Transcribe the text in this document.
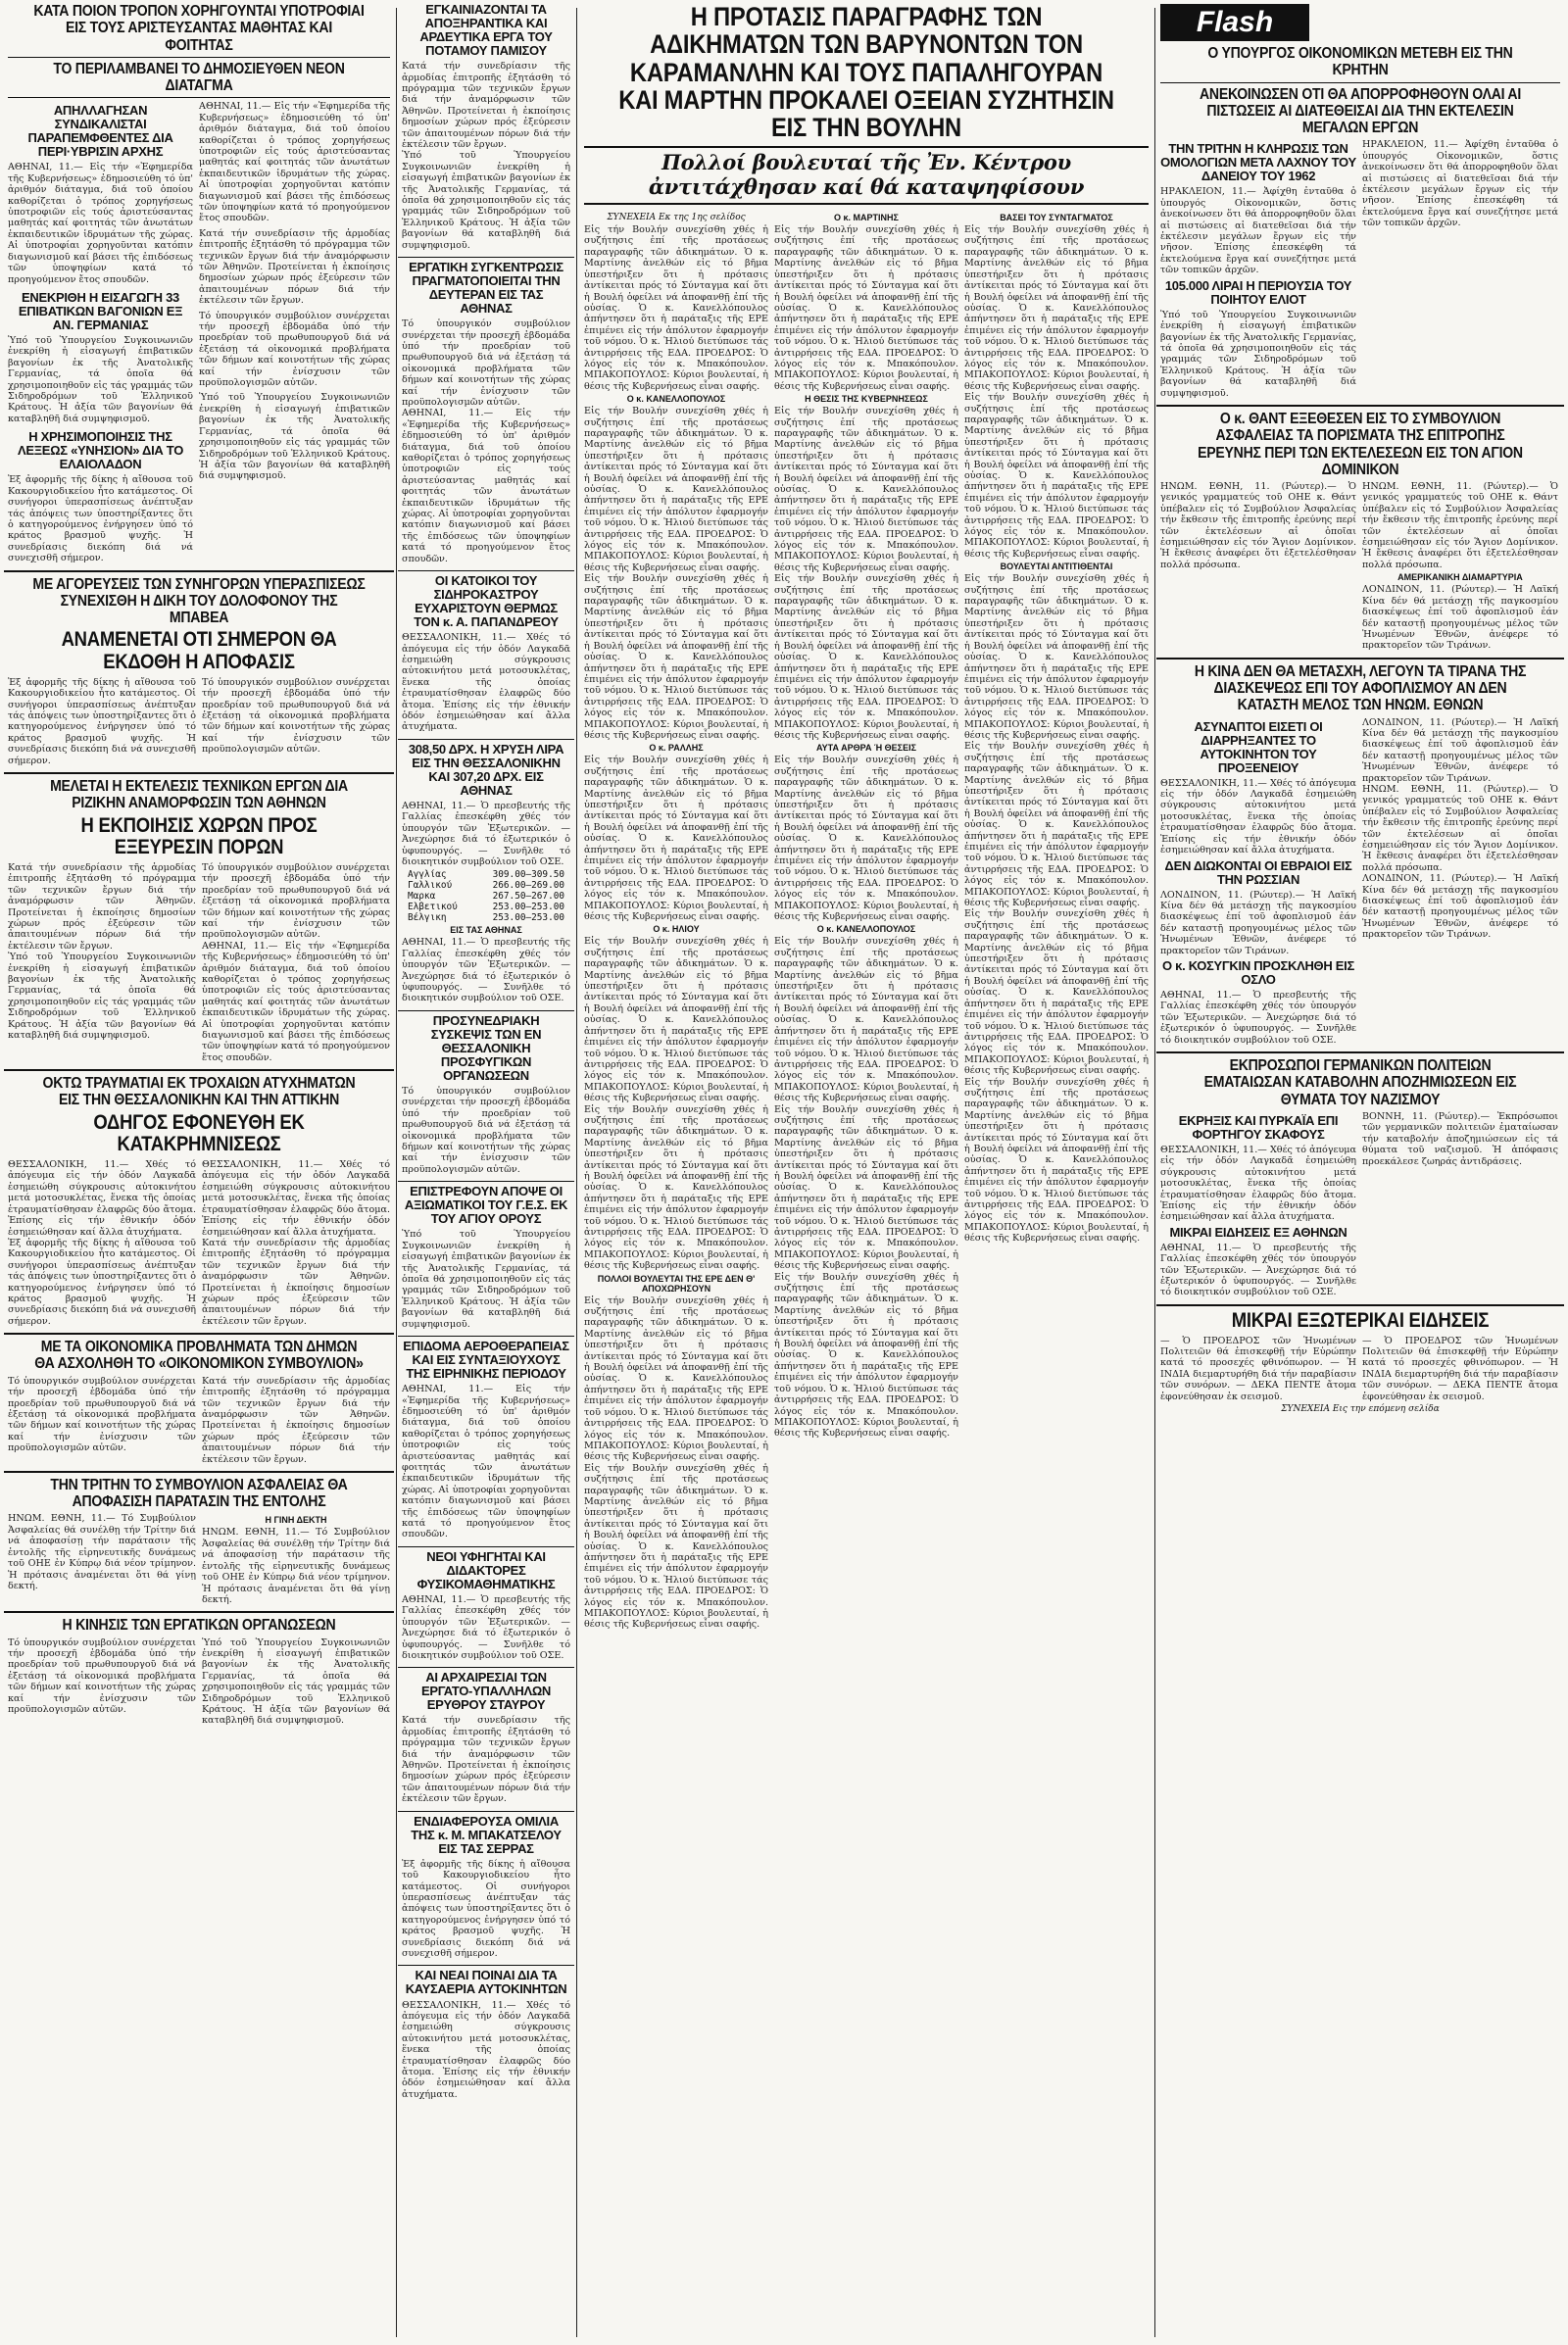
ΚΑΤΑ ΠΟΙΟΝ ΤΡΟΠΟΝ ΧΟΡΗΓΟΥΝΤΑΙ ΥΠΟΤΡΟΦΙΑΙ ΕΙΣ ΤΟΥΣ ΑΡΙΣΤΕΥΣΑΝΤΑΣ ΜΑΘΗΤΑΣ ΚΑΙ ΦΟΙΤΗΤΑΣ
ΤΟ ΠΕΡΙΛΑΜΒΑΝΕΙ ΤΟ ΔΗΜΟΣΙΕΥΘΕΝ ΝΕΟΝ ΔΙΑΤΑΓΜΑ
ΑΠΗΛΛΑΓΗΣΑΝ ΣΥΝΔΙΚΑΛΙΣΤΑΙ ΠΑΡΑΠΕΜΦΘΕΝΤΕΣ ΔΙΑ ΠΕΡΙ·ΥΒΡΙΣΙΝ ΑΡΧΗΣ
ΑΘΗΝΑΙ, 11.— Εἰς τήν «Ἐφημερίδα τῆς Κυβερνήσεως» ἐδημοσιεύθη τό ὑπ' ἀριθμόν διάταγμα, διά τοῦ ὁποίου καθορίζεται ὁ τρόπος χορηγήσεως ὑποτροφιῶν εἰς τούς ἀριστεύσαντας μαθητάς καί φοιτητάς τῶν ἀνωτάτων ἐκπαιδευτικῶν ἱδρυμάτων τῆς χώρας. Αἱ ὑποτροφίαι χορηγοῦνται κατόπιν διαγωνισμοῦ καί βάσει τῆς ἐπιδόσεως τῶν ὑποψηφίων κατά τό προηγούμενον ἔτος σπουδῶν.
ΕΝΕΚΡΙΘΗ Η ΕΙΣΑΓΩΓΗ 33 ΕΠΙΒΑΤΙΚΩΝ ΒΑΓΟΝΙΩΝ ΕΞ ΑΝ. ΓΕΡΜΑΝΙΑΣ
Ὑπό τοῦ Ὑπουργείου Συγκοινωνιῶν ἐνεκρίθη ἡ εἰσαγωγή ἐπιβατικῶν βαγονίων ἐκ τῆς Ἀνατολικῆς Γερμανίας, τά ὁποῖα θά χρησιμοποιηθοῦν εἰς τάς γραμμάς τῶν Σιδηροδρόμων τοῦ Ἑλληνικοῦ Κράτους. Ἡ ἀξία τῶν βαγονίων θά καταβληθῆ διά συμψηφισμοῦ.
Η ΧΡΗΣΙΜΟΠΟΙΗΣΙΣ ΤΗΣ ΛΕΞΕΩΣ «ΥΝΗΣΙΟΝ» ΔΙΑ ΤΟ ΕΛΑΙΟΛΑΔΟΝ
Ἐξ ἀφορμῆς τῆς δίκης ἡ αἴθουσα τοῦ Κακουργιοδικείου ἦτο κατάμεστος. Οἱ συνήγοροι ὑπερασπίσεως ἀνέπτυξαν τάς ἀπόψεις των ὑποστηρίξαντες ὅτι ὁ κατηγορούμενος ἐνήργησεν ὑπό τό κράτος βρασμοῦ ψυχῆς. Ἡ συνεδρίασις διεκόπη διά νά συνεχισθῆ σήμερον.
ΑΘΗΝΑΙ, 11.— Εἰς τήν «Ἐφημερίδα τῆς Κυβερνήσεως» ἐδημοσιεύθη τό ὑπ' ἀριθμόν διάταγμα, διά τοῦ ὁποίου καθορίζεται ὁ τρόπος χορηγήσεως ὑποτροφιῶν εἰς τούς ἀριστεύσαντας μαθητάς καί φοιτητάς τῶν ἀνωτάτων ἐκπαιδευτικῶν ἱδρυμάτων τῆς χώρας. Αἱ ὑποτροφίαι χορηγοῦνται κατόπιν διαγωνισμοῦ καί βάσει τῆς ἐπιδόσεως τῶν ὑποψηφίων κατά τό προηγούμενον ἔτος σπουδῶν.
Κατά τήν συνεδρίασιν τῆς ἀρμοδίας ἐπιτροπῆς ἐξητάσθη τό πρόγραμμα τῶν τεχνικῶν ἔργων διά τήν ἀναμόρφωσιν τῶν Ἀθηνῶν. Προτείνεται ἡ ἐκποίησις δημοσίων χώρων πρός ἐξεύρεσιν τῶν ἀπαιτουμένων πόρων διά τήν ἐκτέλεσιν τῶν ἔργων.
Τό ὑπουργικόν συμβούλιον συνέρχεται τήν προσεχῆ ἑβδομάδα ὑπό τήν προεδρίαν τοῦ πρωθυπουργοῦ διά νά ἐξετάσῃ τά οἰκονομικά προβλήματα τῶν δήμων καί κοινοτήτων τῆς χώρας καί τήν ἐνίσχυσιν τῶν προϋπολογισμῶν αὐτῶν.
Ὑπό τοῦ Ὑπουργείου Συγκοινωνιῶν ἐνεκρίθη ἡ εἰσαγωγή ἐπιβατικῶν βαγονίων ἐκ τῆς Ἀνατολικῆς Γερμανίας, τά ὁποῖα θά χρησιμοποιηθοῦν εἰς τάς γραμμάς τῶν Σιδηροδρόμων τοῦ Ἑλληνικοῦ Κράτους. Ἡ ἀξία τῶν βαγονίων θά καταβληθῆ διά συμψηφισμοῦ.
ΜΕ ΑΓΟΡΕΥΣΕΙΣ ΤΩΝ ΣΥΝΗΓΟΡΩΝ ΥΠΕΡΑΣΠΙΣΕΩΣ ΣΥΝΕΧΙΣΘΗ Η ΔΙΚΗ ΤΟΥ ΔΟΛΟΦΟΝΟΥ ΤΗΣ ΜΠΑΒΕΑ
ΑΝΑΜΕΝΕΤΑΙ ΟΤΙ ΣΗΜΕΡΟΝ ΘΑ ΕΚΔΟΘΗ Η ΑΠΟΦΑΣΙΣ
Ἐξ ἀφορμῆς τῆς δίκης ἡ αἴθουσα τοῦ Κακουργιοδικείου ἦτο κατάμεστος. Οἱ συνήγοροι ὑπερασπίσεως ἀνέπτυξαν τάς ἀπόψεις των ὑποστηρίξαντες ὅτι ὁ κατηγορούμενος ἐνήργησεν ὑπό τό κράτος βρασμοῦ ψυχῆς. Ἡ συνεδρίασις διεκόπη διά νά συνεχισθῆ σήμερον.
Τό ὑπουργικόν συμβούλιον συνέρχεται τήν προσεχῆ ἑβδομάδα ὑπό τήν προεδρίαν τοῦ πρωθυπουργοῦ διά νά ἐξετάσῃ τά οἰκονομικά προβλήματα τῶν δήμων καί κοινοτήτων τῆς χώρας καί τήν ἐνίσχυσιν τῶν προϋπολογισμῶν αὐτῶν.
ΜΕΛΕΤΑΙ Η ΕΚΤΕΛΕΣΙΣ ΤΕΧΝΙΚΩΝ ΕΡΓΩΝ ΔΙΑ ΡΙΖΙΚΗΝ ΑΝΑΜΟΡΦΩΣΙΝ ΤΩΝ ΑΘΗΝΩΝ
Η ΕΚΠΟΙΗΣΙΣ ΧΩΡΩΝ ΠΡΟΣ ΕΞΕΥΡΕΣΙΝ ΠΟΡΩΝ
Κατά τήν συνεδρίασιν τῆς ἀρμοδίας ἐπιτροπῆς ἐξητάσθη τό πρόγραμμα τῶν τεχνικῶν ἔργων διά τήν ἀναμόρφωσιν τῶν Ἀθηνῶν. Προτείνεται ἡ ἐκποίησις δημοσίων χώρων πρός ἐξεύρεσιν τῶν ἀπαιτουμένων πόρων διά τήν ἐκτέλεσιν τῶν ἔργων.
Ὑπό τοῦ Ὑπουργείου Συγκοινωνιῶν ἐνεκρίθη ἡ εἰσαγωγή ἐπιβατικῶν βαγονίων ἐκ τῆς Ἀνατολικῆς Γερμανίας, τά ὁποῖα θά χρησιμοποιηθοῦν εἰς τάς γραμμάς τῶν Σιδηροδρόμων τοῦ Ἑλληνικοῦ Κράτους. Ἡ ἀξία τῶν βαγονίων θά καταβληθῆ διά συμψηφισμοῦ.
Τό ὑπουργικόν συμβούλιον συνέρχεται τήν προσεχῆ ἑβδομάδα ὑπό τήν προεδρίαν τοῦ πρωθυπουργοῦ διά νά ἐξετάσῃ τά οἰκονομικά προβλήματα τῶν δήμων καί κοινοτήτων τῆς χώρας καί τήν ἐνίσχυσιν τῶν προϋπολογισμῶν αὐτῶν.
ΑΘΗΝΑΙ, 11.— Εἰς τήν «Ἐφημερίδα τῆς Κυβερνήσεως» ἐδημοσιεύθη τό ὑπ' ἀριθμόν διάταγμα, διά τοῦ ὁποίου καθορίζεται ὁ τρόπος χορηγήσεως ὑποτροφιῶν εἰς τούς ἀριστεύσαντας μαθητάς καί φοιτητάς τῶν ἀνωτάτων ἐκπαιδευτικῶν ἱδρυμάτων τῆς χώρας. Αἱ ὑποτροφίαι χορηγοῦνται κατόπιν διαγωνισμοῦ καί βάσει τῆς ἐπιδόσεως τῶν ὑποψηφίων κατά τό προηγούμενον ἔτος σπουδῶν.
ΟΚΤΩ ΤΡΑΥΜΑΤΙΑΙ ΕΚ ΤΡΟΧΑΙΩΝ ΑΤΥΧΗΜΑΤΩΝ ΕΙΣ ΤΗΝ ΘΕΣΣΑΛΟΝΙΚΗΝ ΚΑΙ ΤΗΝ ΑΤΤΙΚΗΝ
ΟΔΗΓΟΣ ΕΦΟΝΕΥΘΗ ΕΚ ΚΑΤΑΚΡΗΜΝΙΣΕΩΣ
ΘΕΣΣΑΛΟΝΙΚΗ, 11.— Χθές τό ἀπόγευμα εἰς τήν ὁδόν Λαγκαδᾶ ἐσημειώθη σύγκρουσις αὐτοκινήτου μετά μοτοσυκλέτας, ἕνεκα τῆς ὁποίας ἐτραυματίσθησαν ἐλαφρῶς δύο ἄτομα. Ἐπίσης εἰς τήν ἐθνικήν ὁδόν ἐσημειώθησαν καί ἄλλα ἀτυχήματα.
Ἐξ ἀφορμῆς τῆς δίκης ἡ αἴθουσα τοῦ Κακουργιοδικείου ἦτο κατάμεστος. Οἱ συνήγοροι ὑπερασπίσεως ἀνέπτυξαν τάς ἀπόψεις των ὑποστηρίξαντες ὅτι ὁ κατηγορούμενος ἐνήργησεν ὑπό τό κράτος βρασμοῦ ψυχῆς. Ἡ συνεδρίασις διεκόπη διά νά συνεχισθῆ σήμερον.
ΘΕΣΣΑΛΟΝΙΚΗ, 11.— Χθές τό ἀπόγευμα εἰς τήν ὁδόν Λαγκαδᾶ ἐσημειώθη σύγκρουσις αὐτοκινήτου μετά μοτοσυκλέτας, ἕνεκα τῆς ὁποίας ἐτραυματίσθησαν ἐλαφρῶς δύο ἄτομα. Ἐπίσης εἰς τήν ἐθνικήν ὁδόν ἐσημειώθησαν καί ἄλλα ἀτυχήματα.
Κατά τήν συνεδρίασιν τῆς ἀρμοδίας ἐπιτροπῆς ἐξητάσθη τό πρόγραμμα τῶν τεχνικῶν ἔργων διά τήν ἀναμόρφωσιν τῶν Ἀθηνῶν. Προτείνεται ἡ ἐκποίησις δημοσίων χώρων πρός ἐξεύρεσιν τῶν ἀπαιτουμένων πόρων διά τήν ἐκτέλεσιν τῶν ἔργων.
ΜΕ ΤΑ ΟΙΚΟΝΟΜΙΚΑ ΠΡΟΒΛΗΜΑΤΑ ΤΩΝ ΔΗΜΩΝ ΘΑ ΑΣΧΟΛΗΘΗ ΤΟ «ΟΙΚΟΝΟΜΙΚΟΝ ΣΥΜΒΟΥΛΙΟΝ»
Τό ὑπουργικόν συμβούλιον συνέρχεται τήν προσεχῆ ἑβδομάδα ὑπό τήν προεδρίαν τοῦ πρωθυπουργοῦ διά νά ἐξετάσῃ τά οἰκονομικά προβλήματα τῶν δήμων καί κοινοτήτων τῆς χώρας καί τήν ἐνίσχυσιν τῶν προϋπολογισμῶν αὐτῶν.
Κατά τήν συνεδρίασιν τῆς ἀρμοδίας ἐπιτροπῆς ἐξητάσθη τό πρόγραμμα τῶν τεχνικῶν ἔργων διά τήν ἀναμόρφωσιν τῶν Ἀθηνῶν. Προτείνεται ἡ ἐκποίησις δημοσίων χώρων πρός ἐξεύρεσιν τῶν ἀπαιτουμένων πόρων διά τήν ἐκτέλεσιν τῶν ἔργων.
ΤΗΝ ΤΡΙΤΗΝ ΤΟ ΣΥΜΒΟΥΛΙΟΝ ΑΣΦΑΛΕΙΑΣ ΘΑ ΑΠΟΦΑΣΙΣΗ ΠΑΡΑΤΑΣΙΝ ΤΗΣ ΕΝΤΟΛΗΣ
ΗΝΩΜ. ΕΘΝΗ, 11.— Τό Συμβούλιον Ἀσφαλείας θά συνέλθῃ τήν Τρίτην διά νά ἀποφασίσῃ τήν παράτασιν τῆς ἐντολῆς τῆς εἰρηνευτικῆς δυνάμεως τοῦ ΟΗΕ ἐν Κύπρῳ διά νέον τρίμηνον. Ἡ πρότασις ἀναμένεται ὅτι θά γίνῃ δεκτή.
Η ΓΙΝΗ ΔΕΚΤΗ
ΗΝΩΜ. ΕΘΝΗ, 11.— Τό Συμβούλιον Ἀσφαλείας θά συνέλθῃ τήν Τρίτην διά νά ἀποφασίσῃ τήν παράτασιν τῆς ἐντολῆς τῆς εἰρηνευτικῆς δυνάμεως τοῦ ΟΗΕ ἐν Κύπρῳ διά νέον τρίμηνον. Ἡ πρότασις ἀναμένεται ὅτι θά γίνῃ δεκτή.
Η ΚΙΝΗΣΙΣ ΤΩΝ ΕΡΓΑΤΙΚΩΝ ΟΡΓΑΝΩΣΕΩΝ
Τό ὑπουργικόν συμβούλιον συνέρχεται τήν προσεχῆ ἑβδομάδα ὑπό τήν προεδρίαν τοῦ πρωθυπουργοῦ διά νά ἐξετάσῃ τά οἰκονομικά προβλήματα τῶν δήμων καί κοινοτήτων τῆς χώρας καί τήν ἐνίσχυσιν τῶν προϋπολογισμῶν αὐτῶν.
Ὑπό τοῦ Ὑπουργείου Συγκοινωνιῶν ἐνεκρίθη ἡ εἰσαγωγή ἐπιβατικῶν βαγονίων ἐκ τῆς Ἀνατολικῆς Γερμανίας, τά ὁποῖα θά χρησιμοποιηθοῦν εἰς τάς γραμμάς τῶν Σιδηροδρόμων τοῦ Ἑλληνικοῦ Κράτους. Ἡ ἀξία τῶν βαγονίων θά καταβληθῆ διά συμψηφισμοῦ.
ΕΓΚΑΙΝΙΑΖΟΝΤΑΙ ΤΑ ΑΠΟΞΗΡΑΝΤΙΚΑ ΚΑΙ ΑΡΔΕΥΤΙΚΑ ΕΡΓΑ ΤΟΥ ΠΟΤΑΜΟΥ ΠΑΜΙΣΟΥ
Κατά τήν συνεδρίασιν τῆς ἀρμοδίας ἐπιτροπῆς ἐξητάσθη τό πρόγραμμα τῶν τεχνικῶν ἔργων διά τήν ἀναμόρφωσιν τῶν Ἀθηνῶν. Προτείνεται ἡ ἐκποίησις δημοσίων χώρων πρός ἐξεύρεσιν τῶν ἀπαιτουμένων πόρων διά τήν ἐκτέλεσιν τῶν ἔργων.
Ὑπό τοῦ Ὑπουργείου Συγκοινωνιῶν ἐνεκρίθη ἡ εἰσαγωγή ἐπιβατικῶν βαγονίων ἐκ τῆς Ἀνατολικῆς Γερμανίας, τά ὁποῖα θά χρησιμοποιηθοῦν εἰς τάς γραμμάς τῶν Σιδηροδρόμων τοῦ Ἑλληνικοῦ Κράτους. Ἡ ἀξία τῶν βαγονίων θά καταβληθῆ διά συμψηφισμοῦ.
ΕΡΓΑΤΙΚΗ ΣΥΓΚΕΝΤΡΩΣΙΣ ΠΡΑΓΜΑΤΟΠΟΙΕΙΤΑΙ ΤΗΝ ΔΕΥΤΕΡΑΝ ΕΙΣ ΤΑΣ ΑΘΗΝΑΣ
Τό ὑπουργικόν συμβούλιον συνέρχεται τήν προσεχῆ ἑβδομάδα ὑπό τήν προεδρίαν τοῦ πρωθυπουργοῦ διά νά ἐξετάσῃ τά οἰκονομικά προβλήματα τῶν δήμων καί κοινοτήτων τῆς χώρας καί τήν ἐνίσχυσιν τῶν προϋπολογισμῶν αὐτῶν.
ΑΘΗΝΑΙ, 11.— Εἰς τήν «Ἐφημερίδα τῆς Κυβερνήσεως» ἐδημοσιεύθη τό ὑπ' ἀριθμόν διάταγμα, διά τοῦ ὁποίου καθορίζεται ὁ τρόπος χορηγήσεως ὑποτροφιῶν εἰς τούς ἀριστεύσαντας μαθητάς καί φοιτητάς τῶν ἀνωτάτων ἐκπαιδευτικῶν ἱδρυμάτων τῆς χώρας. Αἱ ὑποτροφίαι χορηγοῦνται κατόπιν διαγωνισμοῦ καί βάσει τῆς ἐπιδόσεως τῶν ὑποψηφίων κατά τό προηγούμενον ἔτος σπουδῶν.
ΟΙ ΚΑΤΟΙΚΟΙ ΤΟΥ ΣΙΔΗΡΟΚΑΣΤΡΟΥ ΕΥΧΑΡΙΣΤΟΥΝ ΘΕΡΜΩΣ ΤΟΝ κ. Α. ΠΑΠΑΝΔΡΕΟΥ
ΘΕΣΣΑΛΟΝΙΚΗ, 11.— Χθές τό ἀπόγευμα εἰς τήν ὁδόν Λαγκαδᾶ ἐσημειώθη σύγκρουσις αὐτοκινήτου μετά μοτοσυκλέτας, ἕνεκα τῆς ὁποίας ἐτραυματίσθησαν ἐλαφρῶς δύο ἄτομα. Ἐπίσης εἰς τήν ἐθνικήν ὁδόν ἐσημειώθησαν καί ἄλλα ἀτυχήματα.
308,50 ΔΡΧ. Η ΧΡΥΣΗ ΛΙΡΑ ΕΙΣ ΤΗΝ ΘΕΣΣΑΛΟΝΙΚΗΝ ΚΑΙ 307,20 ΔΡΧ. ΕΙΣ ΑΘΗΝΑΣ
ΑΘΗΝΑΙ, 11.— Ὁ πρεσβευτής τῆς Γαλλίας ἐπεσκέφθη χθές τόν ὑπουργόν τῶν Ἐξωτερικῶν. — Ἀνεχώρησε διά τό ἐξωτερικόν ὁ ὑφυπουργός. — Συνῆλθε τό διοικητικόν συμβούλιον τοῦ ΟΣΕ.
Αγγλίας	309.00—309.50
Γαλλικού	266.00—269.00
Μαρκα	267.50—267.00
Ελβετικού	253.00—253.00
Βέλγικη	253.00—253.00
ΕΙΣ ΤΑΣ ΑΘΗΝΑΣ
ΑΘΗΝΑΙ, 11.— Ὁ πρεσβευτής τῆς Γαλλίας ἐπεσκέφθη χθές τόν ὑπουργόν τῶν Ἐξωτερικῶν. — Ἀνεχώρησε διά τό ἐξωτερικόν ὁ ὑφυπουργός. — Συνῆλθε τό διοικητικόν συμβούλιον τοῦ ΟΣΕ.
ΠΡΟΣΥΝΕΔΡΙΑΚΗ ΣΥΣΚΕΨΙΣ ΤΩΝ ΕΝ ΘΕΣΣΑΛΟΝΙΚΗ ΠΡΟΣΦΥΓΙΚΩΝ ΟΡΓΑΝΩΣΕΩΝ
Τό ὑπουργικόν συμβούλιον συνέρχεται τήν προσεχῆ ἑβδομάδα ὑπό τήν προεδρίαν τοῦ πρωθυπουργοῦ διά νά ἐξετάσῃ τά οἰκονομικά προβλήματα τῶν δήμων καί κοινοτήτων τῆς χώρας καί τήν ἐνίσχυσιν τῶν προϋπολογισμῶν αὐτῶν.
ΕΠΙΣΤΡΕΦΟΥΝ ΑΠΟΨΕ ΟΙ ΑΞΙΩΜΑΤΙΚΟΙ ΤΟΥ Γ.Ε.Σ. ΕΚ ΤΟΥ ΑΓΙΟΥ ΟΡΟΥΣ
Ὑπό τοῦ Ὑπουργείου Συγκοινωνιῶν ἐνεκρίθη ἡ εἰσαγωγή ἐπιβατικῶν βαγονίων ἐκ τῆς Ἀνατολικῆς Γερμανίας, τά ὁποῖα θά χρησιμοποιηθοῦν εἰς τάς γραμμάς τῶν Σιδηροδρόμων τοῦ Ἑλληνικοῦ Κράτους. Ἡ ἀξία τῶν βαγονίων θά καταβληθῆ διά συμψηφισμοῦ.
ΕΠΙΔΟΜΑ ΑΕΡΟΘΕΡΑΠΕΙΑΣ ΚΑΙ ΕΙΣ ΣΥΝΤΑΞΙΟΥΧΟΥΣ ΤΗΣ ΕΙΡΗΝΙΚΗΣ ΠΕΡΙΟΔΟΥ
ΑΘΗΝΑΙ, 11.— Εἰς τήν «Ἐφημερίδα τῆς Κυβερνήσεως» ἐδημοσιεύθη τό ὑπ' ἀριθμόν διάταγμα, διά τοῦ ὁποίου καθορίζεται ὁ τρόπος χορηγήσεως ὑποτροφιῶν εἰς τούς ἀριστεύσαντας μαθητάς καί φοιτητάς τῶν ἀνωτάτων ἐκπαιδευτικῶν ἱδρυμάτων τῆς χώρας. Αἱ ὑποτροφίαι χορηγοῦνται κατόπιν διαγωνισμοῦ καί βάσει τῆς ἐπιδόσεως τῶν ὑποψηφίων κατά τό προηγούμενον ἔτος σπουδῶν.
ΝΕΟΙ ΥΦΗΓΗΤΑΙ ΚΑΙ ΔΙΔΑΚΤΟΡΕΣ ΦΥΣΙΚΟΜΑΘΗΜΑΤΙΚΗΣ
ΑΘΗΝΑΙ, 11.— Ὁ πρεσβευτής τῆς Γαλλίας ἐπεσκέφθη χθές τόν ὑπουργόν τῶν Ἐξωτερικῶν. — Ἀνεχώρησε διά τό ἐξωτερικόν ὁ ὑφυπουργός. — Συνῆλθε τό διοικητικόν συμβούλιον τοῦ ΟΣΕ.
ΑΙ ΑΡΧΑΙΡΕΣΙΑΙ ΤΩΝ ΕΡΓΑΤΟ-ΥΠΑΛΛΗΛΩΝ ΕΡΥΘΡΟΥ ΣΤΑΥΡΟΥ
Κατά τήν συνεδρίασιν τῆς ἀρμοδίας ἐπιτροπῆς ἐξητάσθη τό πρόγραμμα τῶν τεχνικῶν ἔργων διά τήν ἀναμόρφωσιν τῶν Ἀθηνῶν. Προτείνεται ἡ ἐκποίησις δημοσίων χώρων πρός ἐξεύρεσιν τῶν ἀπαιτουμένων πόρων διά τήν ἐκτέλεσιν τῶν ἔργων.
ΕΝΔΙΑΦΕΡΟΥΣΑ ΟΜΙΛΙΑ ΤΗΣ κ. Μ. ΜΠΑΚΑΤΣΕΛΟΥ ΕΙΣ ΤΑΣ ΣΕΡΡΑΣ
Ἐξ ἀφορμῆς τῆς δίκης ἡ αἴθουσα τοῦ Κακουργιοδικείου ἦτο κατάμεστος. Οἱ συνήγοροι ὑπερασπίσεως ἀνέπτυξαν τάς ἀπόψεις των ὑποστηρίξαντες ὅτι ὁ κατηγορούμενος ἐνήργησεν ὑπό τό κράτος βρασμοῦ ψυχῆς. Ἡ συνεδρίασις διεκόπη διά νά συνεχισθῆ σήμερον.
ΚΑΙ ΝΕΑΙ ΠΟΙΝΑΙ ΔΙΑ ΤΑ ΚΑΥΣΑΕΡΙΑ ΑΥΤΟΚΙΝΗΤΩΝ
ΘΕΣΣΑΛΟΝΙΚΗ, 11.— Χθές τό ἀπόγευμα εἰς τήν ὁδόν Λαγκαδᾶ ἐσημειώθη σύγκρουσις αὐτοκινήτου μετά μοτοσυκλέτας, ἕνεκα τῆς ὁποίας ἐτραυματίσθησαν ἐλαφρῶς δύο ἄτομα. Ἐπίσης εἰς τήν ἐθνικήν ὁδόν ἐσημειώθησαν καί ἄλλα ἀτυχήματα.
Η ΠΡΟΤΑΣΙΣ ΠΑΡΑΓΡΑΦΗΣ ΤΩΝ ΑΔΙΚΗΜΑΤΩΝ ΤΩΝ ΒΑΡΥΝΟΝΤΩΝ ΤΟΝ ΚΑΡΑΜΑΝΛΗΝ ΚΑΙ ΤΟΥΣ ΠΑΠΑΛΗΓΟΥΡΑΝ ΚΑΙ ΜΑΡΤΗΝ ΠΡΟΚΑΛΕΙ ΟΞΕΙΑΝ ΣΥΖΗΤΗΣΙΝ ΕΙΣ ΤΗΝ ΒΟΥΛΗΝ
Πολλοί βουλευταί τῆς Ἐν. Κέντρου
ἀντιτάχθησαν καί θά καταψηφίσουν
ΣΥΝΕΧΕΙΑ Εκ της 1ης σελίδος
Εἰς τήν Βουλήν συνεχίσθη χθές ἡ συζήτησις ἐπί τῆς προτάσεως παραγραφῆς τῶν ἀδικημάτων. Ὁ κ. Μαρτίνης ἀνελθών εἰς τό βῆμα ὑπεστήριξεν ὅτι ἡ πρότασις ἀντίκειται πρός τό Σύνταγμα καί ὅτι ἡ Βουλή ὀφείλει νά ἀποφανθῇ ἐπί τῆς οὐσίας. Ὁ κ. Κανελλόπουλος ἀπήντησεν ὅτι ἡ παράταξις τῆς ΕΡΕ ἐπιμένει εἰς τήν ἀπόλυτον ἐφαρμογήν τοῦ νόμου. Ὁ κ. Ἠλιού διετύπωσε τάς ἀντιρρήσεις τῆς ΕΔΑ. ΠΡΟΕΔΡΟΣ: Ὁ λόγος εἰς τόν κ. Μπακόπουλον. ΜΠΑΚΟΠΟΥΛΟΣ: Κύριοι βουλευταί, ἡ θέσις τῆς Κυβερνήσεως εἶναι σαφής.
Ο κ. ΚΑΝΕΛΛΟΠΟΥΛΟΣ
Εἰς τήν Βουλήν συνεχίσθη χθές ἡ συζήτησις ἐπί τῆς προτάσεως παραγραφῆς τῶν ἀδικημάτων. Ὁ κ. Μαρτίνης ἀνελθών εἰς τό βῆμα ὑπεστήριξεν ὅτι ἡ πρότασις ἀντίκειται πρός τό Σύνταγμα καί ὅτι ἡ Βουλή ὀφείλει νά ἀποφανθῇ ἐπί τῆς οὐσίας. Ὁ κ. Κανελλόπουλος ἀπήντησεν ὅτι ἡ παράταξις τῆς ΕΡΕ ἐπιμένει εἰς τήν ἀπόλυτον ἐφαρμογήν τοῦ νόμου. Ὁ κ. Ἠλιού διετύπωσε τάς ἀντιρρήσεις τῆς ΕΔΑ. ΠΡΟΕΔΡΟΣ: Ὁ λόγος εἰς τόν κ. Μπακόπουλον. ΜΠΑΚΟΠΟΥΛΟΣ: Κύριοι βουλευταί, ἡ θέσις τῆς Κυβερνήσεως εἶναι σαφής.
Εἰς τήν Βουλήν συνεχίσθη χθές ἡ συζήτησις ἐπί τῆς προτάσεως παραγραφῆς τῶν ἀδικημάτων. Ὁ κ. Μαρτίνης ἀνελθών εἰς τό βῆμα ὑπεστήριξεν ὅτι ἡ πρότασις ἀντίκειται πρός τό Σύνταγμα καί ὅτι ἡ Βουλή ὀφείλει νά ἀποφανθῇ ἐπί τῆς οὐσίας. Ὁ κ. Κανελλόπουλος ἀπήντησεν ὅτι ἡ παράταξις τῆς ΕΡΕ ἐπιμένει εἰς τήν ἀπόλυτον ἐφαρμογήν τοῦ νόμου. Ὁ κ. Ἠλιού διετύπωσε τάς ἀντιρρήσεις τῆς ΕΔΑ. ΠΡΟΕΔΡΟΣ: Ὁ λόγος εἰς τόν κ. Μπακόπουλον. ΜΠΑΚΟΠΟΥΛΟΣ: Κύριοι βουλευταί, ἡ θέσις τῆς Κυβερνήσεως εἶναι σαφής.
Ο κ. ΡΑΛΛΗΣ
Εἰς τήν Βουλήν συνεχίσθη χθές ἡ συζήτησις ἐπί τῆς προτάσεως παραγραφῆς τῶν ἀδικημάτων. Ὁ κ. Μαρτίνης ἀνελθών εἰς τό βῆμα ὑπεστήριξεν ὅτι ἡ πρότασις ἀντίκειται πρός τό Σύνταγμα καί ὅτι ἡ Βουλή ὀφείλει νά ἀποφανθῇ ἐπί τῆς οὐσίας. Ὁ κ. Κανελλόπουλος ἀπήντησεν ὅτι ἡ παράταξις τῆς ΕΡΕ ἐπιμένει εἰς τήν ἀπόλυτον ἐφαρμογήν τοῦ νόμου. Ὁ κ. Ἠλιού διετύπωσε τάς ἀντιρρήσεις τῆς ΕΔΑ. ΠΡΟΕΔΡΟΣ: Ὁ λόγος εἰς τόν κ. Μπακόπουλον. ΜΠΑΚΟΠΟΥΛΟΣ: Κύριοι βουλευταί, ἡ θέσις τῆς Κυβερνήσεως εἶναι σαφής.
Ο κ. ΗΛΙΟΥ
Εἰς τήν Βουλήν συνεχίσθη χθές ἡ συζήτησις ἐπί τῆς προτάσεως παραγραφῆς τῶν ἀδικημάτων. Ὁ κ. Μαρτίνης ἀνελθών εἰς τό βῆμα ὑπεστήριξεν ὅτι ἡ πρότασις ἀντίκειται πρός τό Σύνταγμα καί ὅτι ἡ Βουλή ὀφείλει νά ἀποφανθῇ ἐπί τῆς οὐσίας. Ὁ κ. Κανελλόπουλος ἀπήντησεν ὅτι ἡ παράταξις τῆς ΕΡΕ ἐπιμένει εἰς τήν ἀπόλυτον ἐφαρμογήν τοῦ νόμου. Ὁ κ. Ἠλιού διετύπωσε τάς ἀντιρρήσεις τῆς ΕΔΑ. ΠΡΟΕΔΡΟΣ: Ὁ λόγος εἰς τόν κ. Μπακόπουλον. ΜΠΑΚΟΠΟΥΛΟΣ: Κύριοι βουλευταί, ἡ θέσις τῆς Κυβερνήσεως εἶναι σαφής.
Εἰς τήν Βουλήν συνεχίσθη χθές ἡ συζήτησις ἐπί τῆς προτάσεως παραγραφῆς τῶν ἀδικημάτων. Ὁ κ. Μαρτίνης ἀνελθών εἰς τό βῆμα ὑπεστήριξεν ὅτι ἡ πρότασις ἀντίκειται πρός τό Σύνταγμα καί ὅτι ἡ Βουλή ὀφείλει νά ἀποφανθῇ ἐπί τῆς οὐσίας. Ὁ κ. Κανελλόπουλος ἀπήντησεν ὅτι ἡ παράταξις τῆς ΕΡΕ ἐπιμένει εἰς τήν ἀπόλυτον ἐφαρμογήν τοῦ νόμου. Ὁ κ. Ἠλιού διετύπωσε τάς ἀντιρρήσεις τῆς ΕΔΑ. ΠΡΟΕΔΡΟΣ: Ὁ λόγος εἰς τόν κ. Μπακόπουλον. ΜΠΑΚΟΠΟΥΛΟΣ: Κύριοι βουλευταί, ἡ θέσις τῆς Κυβερνήσεως εἶναι σαφής.
ΠΟΛΛΟΙ ΒΟΥΛΕΥΤΑΙ ΤΗΣ ΕΡΕ ΔΕΝ Θ' ΑΠΟΧΩΡΗΣΟΥΝ
Εἰς τήν Βουλήν συνεχίσθη χθές ἡ συζήτησις ἐπί τῆς προτάσεως παραγραφῆς τῶν ἀδικημάτων. Ὁ κ. Μαρτίνης ἀνελθών εἰς τό βῆμα ὑπεστήριξεν ὅτι ἡ πρότασις ἀντίκειται πρός τό Σύνταγμα καί ὅτι ἡ Βουλή ὀφείλει νά ἀποφανθῇ ἐπί τῆς οὐσίας. Ὁ κ. Κανελλόπουλος ἀπήντησεν ὅτι ἡ παράταξις τῆς ΕΡΕ ἐπιμένει εἰς τήν ἀπόλυτον ἐφαρμογήν τοῦ νόμου. Ὁ κ. Ἠλιού διετύπωσε τάς ἀντιρρήσεις τῆς ΕΔΑ. ΠΡΟΕΔΡΟΣ: Ὁ λόγος εἰς τόν κ. Μπακόπουλον. ΜΠΑΚΟΠΟΥΛΟΣ: Κύριοι βουλευταί, ἡ θέσις τῆς Κυβερνήσεως εἶναι σαφής.
Εἰς τήν Βουλήν συνεχίσθη χθές ἡ συζήτησις ἐπί τῆς προτάσεως παραγραφῆς τῶν ἀδικημάτων. Ὁ κ. Μαρτίνης ἀνελθών εἰς τό βῆμα ὑπεστήριξεν ὅτι ἡ πρότασις ἀντίκειται πρός τό Σύνταγμα καί ὅτι ἡ Βουλή ὀφείλει νά ἀποφανθῇ ἐπί τῆς οὐσίας. Ὁ κ. Κανελλόπουλος ἀπήντησεν ὅτι ἡ παράταξις τῆς ΕΡΕ ἐπιμένει εἰς τήν ἀπόλυτον ἐφαρμογήν τοῦ νόμου. Ὁ κ. Ἠλιού διετύπωσε τάς ἀντιρρήσεις τῆς ΕΔΑ. ΠΡΟΕΔΡΟΣ: Ὁ λόγος εἰς τόν κ. Μπακόπουλον. ΜΠΑΚΟΠΟΥΛΟΣ: Κύριοι βουλευταί, ἡ θέσις τῆς Κυβερνήσεως εἶναι σαφής.
Ο κ. ΜΑΡΤΙΝΗΣ
Εἰς τήν Βουλήν συνεχίσθη χθές ἡ συζήτησις ἐπί τῆς προτάσεως παραγραφῆς τῶν ἀδικημάτων. Ὁ κ. Μαρτίνης ἀνελθών εἰς τό βῆμα ὑπεστήριξεν ὅτι ἡ πρότασις ἀντίκειται πρός τό Σύνταγμα καί ὅτι ἡ Βουλή ὀφείλει νά ἀποφανθῇ ἐπί τῆς οὐσίας. Ὁ κ. Κανελλόπουλος ἀπήντησεν ὅτι ἡ παράταξις τῆς ΕΡΕ ἐπιμένει εἰς τήν ἀπόλυτον ἐφαρμογήν τοῦ νόμου. Ὁ κ. Ἠλιού διετύπωσε τάς ἀντιρρήσεις τῆς ΕΔΑ. ΠΡΟΕΔΡΟΣ: Ὁ λόγος εἰς τόν κ. Μπακόπουλον. ΜΠΑΚΟΠΟΥΛΟΣ: Κύριοι βουλευταί, ἡ θέσις τῆς Κυβερνήσεως εἶναι σαφής.
Η ΘΕΣΙΣ ΤΗΣ ΚΥΒΕΡΝΗΣΕΩΣ
Εἰς τήν Βουλήν συνεχίσθη χθές ἡ συζήτησις ἐπί τῆς προτάσεως παραγραφῆς τῶν ἀδικημάτων. Ὁ κ. Μαρτίνης ἀνελθών εἰς τό βῆμα ὑπεστήριξεν ὅτι ἡ πρότασις ἀντίκειται πρός τό Σύνταγμα καί ὅτι ἡ Βουλή ὀφείλει νά ἀποφανθῇ ἐπί τῆς οὐσίας. Ὁ κ. Κανελλόπουλος ἀπήντησεν ὅτι ἡ παράταξις τῆς ΕΡΕ ἐπιμένει εἰς τήν ἀπόλυτον ἐφαρμογήν τοῦ νόμου. Ὁ κ. Ἠλιού διετύπωσε τάς ἀντιρρήσεις τῆς ΕΔΑ. ΠΡΟΕΔΡΟΣ: Ὁ λόγος εἰς τόν κ. Μπακόπουλον. ΜΠΑΚΟΠΟΥΛΟΣ: Κύριοι βουλευταί, ἡ θέσις τῆς Κυβερνήσεως εἶναι σαφής.
Εἰς τήν Βουλήν συνεχίσθη χθές ἡ συζήτησις ἐπί τῆς προτάσεως παραγραφῆς τῶν ἀδικημάτων. Ὁ κ. Μαρτίνης ἀνελθών εἰς τό βῆμα ὑπεστήριξεν ὅτι ἡ πρότασις ἀντίκειται πρός τό Σύνταγμα καί ὅτι ἡ Βουλή ὀφείλει νά ἀποφανθῇ ἐπί τῆς οὐσίας. Ὁ κ. Κανελλόπουλος ἀπήντησεν ὅτι ἡ παράταξις τῆς ΕΡΕ ἐπιμένει εἰς τήν ἀπόλυτον ἐφαρμογήν τοῦ νόμου. Ὁ κ. Ἠλιού διετύπωσε τάς ἀντιρρήσεις τῆς ΕΔΑ. ΠΡΟΕΔΡΟΣ: Ὁ λόγος εἰς τόν κ. Μπακόπουλον. ΜΠΑΚΟΠΟΥΛΟΣ: Κύριοι βουλευταί, ἡ θέσις τῆς Κυβερνήσεως εἶναι σαφής.
ΑΥΤΑ ΑΡΘΡΑ Ή ΘΕΣΕΙΣ
Εἰς τήν Βουλήν συνεχίσθη χθές ἡ συζήτησις ἐπί τῆς προτάσεως παραγραφῆς τῶν ἀδικημάτων. Ὁ κ. Μαρτίνης ἀνελθών εἰς τό βῆμα ὑπεστήριξεν ὅτι ἡ πρότασις ἀντίκειται πρός τό Σύνταγμα καί ὅτι ἡ Βουλή ὀφείλει νά ἀποφανθῇ ἐπί τῆς οὐσίας. Ὁ κ. Κανελλόπουλος ἀπήντησεν ὅτι ἡ παράταξις τῆς ΕΡΕ ἐπιμένει εἰς τήν ἀπόλυτον ἐφαρμογήν τοῦ νόμου. Ὁ κ. Ἠλιού διετύπωσε τάς ἀντιρρήσεις τῆς ΕΔΑ. ΠΡΟΕΔΡΟΣ: Ὁ λόγος εἰς τόν κ. Μπακόπουλον. ΜΠΑΚΟΠΟΥΛΟΣ: Κύριοι βουλευταί, ἡ θέσις τῆς Κυβερνήσεως εἶναι σαφής.
Ο κ. ΚΑΝΕΛΛΟΠΟΥΛΟΣ
Εἰς τήν Βουλήν συνεχίσθη χθές ἡ συζήτησις ἐπί τῆς προτάσεως παραγραφῆς τῶν ἀδικημάτων. Ὁ κ. Μαρτίνης ἀνελθών εἰς τό βῆμα ὑπεστήριξεν ὅτι ἡ πρότασις ἀντίκειται πρός τό Σύνταγμα καί ὅτι ἡ Βουλή ὀφείλει νά ἀποφανθῇ ἐπί τῆς οὐσίας. Ὁ κ. Κανελλόπουλος ἀπήντησεν ὅτι ἡ παράταξις τῆς ΕΡΕ ἐπιμένει εἰς τήν ἀπόλυτον ἐφαρμογήν τοῦ νόμου. Ὁ κ. Ἠλιού διετύπωσε τάς ἀντιρρήσεις τῆς ΕΔΑ. ΠΡΟΕΔΡΟΣ: Ὁ λόγος εἰς τόν κ. Μπακόπουλον. ΜΠΑΚΟΠΟΥΛΟΣ: Κύριοι βουλευταί, ἡ θέσις τῆς Κυβερνήσεως εἶναι σαφής.
Εἰς τήν Βουλήν συνεχίσθη χθές ἡ συζήτησις ἐπί τῆς προτάσεως παραγραφῆς τῶν ἀδικημάτων. Ὁ κ. Μαρτίνης ἀνελθών εἰς τό βῆμα ὑπεστήριξεν ὅτι ἡ πρότασις ἀντίκειται πρός τό Σύνταγμα καί ὅτι ἡ Βουλή ὀφείλει νά ἀποφανθῇ ἐπί τῆς οὐσίας. Ὁ κ. Κανελλόπουλος ἀπήντησεν ὅτι ἡ παράταξις τῆς ΕΡΕ ἐπιμένει εἰς τήν ἀπόλυτον ἐφαρμογήν τοῦ νόμου. Ὁ κ. Ἠλιού διετύπωσε τάς ἀντιρρήσεις τῆς ΕΔΑ. ΠΡΟΕΔΡΟΣ: Ὁ λόγος εἰς τόν κ. Μπακόπουλον. ΜΠΑΚΟΠΟΥΛΟΣ: Κύριοι βουλευταί, ἡ θέσις τῆς Κυβερνήσεως εἶναι σαφής.
Εἰς τήν Βουλήν συνεχίσθη χθές ἡ συζήτησις ἐπί τῆς προτάσεως παραγραφῆς τῶν ἀδικημάτων. Ὁ κ. Μαρτίνης ἀνελθών εἰς τό βῆμα ὑπεστήριξεν ὅτι ἡ πρότασις ἀντίκειται πρός τό Σύνταγμα καί ὅτι ἡ Βουλή ὀφείλει νά ἀποφανθῇ ἐπί τῆς οὐσίας. Ὁ κ. Κανελλόπουλος ἀπήντησεν ὅτι ἡ παράταξις τῆς ΕΡΕ ἐπιμένει εἰς τήν ἀπόλυτον ἐφαρμογήν τοῦ νόμου. Ὁ κ. Ἠλιού διετύπωσε τάς ἀντιρρήσεις τῆς ΕΔΑ. ΠΡΟΕΔΡΟΣ: Ὁ λόγος εἰς τόν κ. Μπακόπουλον. ΜΠΑΚΟΠΟΥΛΟΣ: Κύριοι βουλευταί, ἡ θέσις τῆς Κυβερνήσεως εἶναι σαφής.
ΒΑΣΕΙ ΤΟΥ ΣΥΝΤΑΓΜΑΤΟΣ
Εἰς τήν Βουλήν συνεχίσθη χθές ἡ συζήτησις ἐπί τῆς προτάσεως παραγραφῆς τῶν ἀδικημάτων. Ὁ κ. Μαρτίνης ἀνελθών εἰς τό βῆμα ὑπεστήριξεν ὅτι ἡ πρότασις ἀντίκειται πρός τό Σύνταγμα καί ὅτι ἡ Βουλή ὀφείλει νά ἀποφανθῇ ἐπί τῆς οὐσίας. Ὁ κ. Κανελλόπουλος ἀπήντησεν ὅτι ἡ παράταξις τῆς ΕΡΕ ἐπιμένει εἰς τήν ἀπόλυτον ἐφαρμογήν τοῦ νόμου. Ὁ κ. Ἠλιού διετύπωσε τάς ἀντιρρήσεις τῆς ΕΔΑ. ΠΡΟΕΔΡΟΣ: Ὁ λόγος εἰς τόν κ. Μπακόπουλον. ΜΠΑΚΟΠΟΥΛΟΣ: Κύριοι βουλευταί, ἡ θέσις τῆς Κυβερνήσεως εἶναι σαφής.
Εἰς τήν Βουλήν συνεχίσθη χθές ἡ συζήτησις ἐπί τῆς προτάσεως παραγραφῆς τῶν ἀδικημάτων. Ὁ κ. Μαρτίνης ἀνελθών εἰς τό βῆμα ὑπεστήριξεν ὅτι ἡ πρότασις ἀντίκειται πρός τό Σύνταγμα καί ὅτι ἡ Βουλή ὀφείλει νά ἀποφανθῇ ἐπί τῆς οὐσίας. Ὁ κ. Κανελλόπουλος ἀπήντησεν ὅτι ἡ παράταξις τῆς ΕΡΕ ἐπιμένει εἰς τήν ἀπόλυτον ἐφαρμογήν τοῦ νόμου. Ὁ κ. Ἠλιού διετύπωσε τάς ἀντιρρήσεις τῆς ΕΔΑ. ΠΡΟΕΔΡΟΣ: Ὁ λόγος εἰς τόν κ. Μπακόπουλον. ΜΠΑΚΟΠΟΥΛΟΣ: Κύριοι βουλευταί, ἡ θέσις τῆς Κυβερνήσεως εἶναι σαφής.
ΒΟΥΛΕΥΤΑΙ ΑΝΤΙΤΙΘΕΝΤΑΙ
Εἰς τήν Βουλήν συνεχίσθη χθές ἡ συζήτησις ἐπί τῆς προτάσεως παραγραφῆς τῶν ἀδικημάτων. Ὁ κ. Μαρτίνης ἀνελθών εἰς τό βῆμα ὑπεστήριξεν ὅτι ἡ πρότασις ἀντίκειται πρός τό Σύνταγμα καί ὅτι ἡ Βουλή ὀφείλει νά ἀποφανθῇ ἐπί τῆς οὐσίας. Ὁ κ. Κανελλόπουλος ἀπήντησεν ὅτι ἡ παράταξις τῆς ΕΡΕ ἐπιμένει εἰς τήν ἀπόλυτον ἐφαρμογήν τοῦ νόμου. Ὁ κ. Ἠλιού διετύπωσε τάς ἀντιρρήσεις τῆς ΕΔΑ. ΠΡΟΕΔΡΟΣ: Ὁ λόγος εἰς τόν κ. Μπακόπουλον. ΜΠΑΚΟΠΟΥΛΟΣ: Κύριοι βουλευταί, ἡ θέσις τῆς Κυβερνήσεως εἶναι σαφής.
Εἰς τήν Βουλήν συνεχίσθη χθές ἡ συζήτησις ἐπί τῆς προτάσεως παραγραφῆς τῶν ἀδικημάτων. Ὁ κ. Μαρτίνης ἀνελθών εἰς τό βῆμα ὑπεστήριξεν ὅτι ἡ πρότασις ἀντίκειται πρός τό Σύνταγμα καί ὅτι ἡ Βουλή ὀφείλει νά ἀποφανθῇ ἐπί τῆς οὐσίας. Ὁ κ. Κανελλόπουλος ἀπήντησεν ὅτι ἡ παράταξις τῆς ΕΡΕ ἐπιμένει εἰς τήν ἀπόλυτον ἐφαρμογήν τοῦ νόμου. Ὁ κ. Ἠλιού διετύπωσε τάς ἀντιρρήσεις τῆς ΕΔΑ. ΠΡΟΕΔΡΟΣ: Ὁ λόγος εἰς τόν κ. Μπακόπουλον. ΜΠΑΚΟΠΟΥΛΟΣ: Κύριοι βουλευταί, ἡ θέσις τῆς Κυβερνήσεως εἶναι σαφής.
Εἰς τήν Βουλήν συνεχίσθη χθές ἡ συζήτησις ἐπί τῆς προτάσεως παραγραφῆς τῶν ἀδικημάτων. Ὁ κ. Μαρτίνης ἀνελθών εἰς τό βῆμα ὑπεστήριξεν ὅτι ἡ πρότασις ἀντίκειται πρός τό Σύνταγμα καί ὅτι ἡ Βουλή ὀφείλει νά ἀποφανθῇ ἐπί τῆς οὐσίας. Ὁ κ. Κανελλόπουλος ἀπήντησεν ὅτι ἡ παράταξις τῆς ΕΡΕ ἐπιμένει εἰς τήν ἀπόλυτον ἐφαρμογήν τοῦ νόμου. Ὁ κ. Ἠλιού διετύπωσε τάς ἀντιρρήσεις τῆς ΕΔΑ. ΠΡΟΕΔΡΟΣ: Ὁ λόγος εἰς τόν κ. Μπακόπουλον. ΜΠΑΚΟΠΟΥΛΟΣ: Κύριοι βουλευταί, ἡ θέσις τῆς Κυβερνήσεως εἶναι σαφής.
Εἰς τήν Βουλήν συνεχίσθη χθές ἡ συζήτησις ἐπί τῆς προτάσεως παραγραφῆς τῶν ἀδικημάτων. Ὁ κ. Μαρτίνης ἀνελθών εἰς τό βῆμα ὑπεστήριξεν ὅτι ἡ πρότασις ἀντίκειται πρός τό Σύνταγμα καί ὅτι ἡ Βουλή ὀφείλει νά ἀποφανθῇ ἐπί τῆς οὐσίας. Ὁ κ. Κανελλόπουλος ἀπήντησεν ὅτι ἡ παράταξις τῆς ΕΡΕ ἐπιμένει εἰς τήν ἀπόλυτον ἐφαρμογήν τοῦ νόμου. Ὁ κ. Ἠλιού διετύπωσε τάς ἀντιρρήσεις τῆς ΕΔΑ. ΠΡΟΕΔΡΟΣ: Ὁ λόγος εἰς τόν κ. Μπακόπουλον. ΜΠΑΚΟΠΟΥΛΟΣ: Κύριοι βουλευταί, ἡ θέσις τῆς Κυβερνήσεως εἶναι σαφής.
Flash
Ο ΥΠΟΥΡΓΟΣ ΟΙΚΟΝΟΜΙΚΩΝ ΜΕΤΕΒΗ ΕΙΣ ΤΗΝ ΚΡΗΤΗΝ
ΑΝΕΚΟΙΝΩΣΕΝ ΟΤΙ ΘΑ ΑΠΟΡΡΟΦΗΘΟΥΝ ΟΛΑΙ ΑΙ ΠΙΣΤΩΣΕΙΣ ΑΙ ΔΙΑΤΕΘΕΙΣΑΙ ΔΙΑ ΤΗΝ ΕΚΤΕΛΕΣΙΝ ΜΕΓΑΛΩΝ ΕΡΓΩΝ
ΤΗΝ ΤΡΙΤΗΝ Η ΚΛΗΡΩΣΙΣ ΤΩΝ ΟΜΟΛΟΓΙΩΝ ΜΕΤΑ ΛΑΧΝΟΥ ΤΟΥ ΔΑΝΕΙΟΥ ΤΟΥ 1962
ΗΡΑΚΛΕΙΟΝ, 11.— Ἀφίχθη ἐνταῦθα ὁ ὑπουργός Οἰκονομικῶν, ὅστις ἀνεκοίνωσεν ὅτι θά ἀπορροφηθοῦν ὅλαι αἱ πιστώσεις αἱ διατεθεῖσαι διά τήν ἐκτέλεσιν μεγάλων ἔργων εἰς τήν νῆσον. Ἐπίσης ἐπεσκέφθη τά ἐκτελούμενα ἔργα καί συνεζήτησε μετά τῶν τοπικῶν ἀρχῶν.
105.000 ΛΙΡΑΙ Η ΠΕΡΙΟΥΣΙΑ ΤΟΥ ΠΟΙΗΤΟΥ ΕΛΙΟΤ
Ὑπό τοῦ Ὑπουργείου Συγκοινωνιῶν ἐνεκρίθη ἡ εἰσαγωγή ἐπιβατικῶν βαγονίων ἐκ τῆς Ἀνατολικῆς Γερμανίας, τά ὁποῖα θά χρησιμοποιηθοῦν εἰς τάς γραμμάς τῶν Σιδηροδρόμων τοῦ Ἑλληνικοῦ Κράτους. Ἡ ἀξία τῶν βαγονίων θά καταβληθῆ διά συμψηφισμοῦ.
ΗΡΑΚΛΕΙΟΝ, 11.— Ἀφίχθη ἐνταῦθα ὁ ὑπουργός Οἰκονομικῶν, ὅστις ἀνεκοίνωσεν ὅτι θά ἀπορροφηθοῦν ὅλαι αἱ πιστώσεις αἱ διατεθεῖσαι διά τήν ἐκτέλεσιν μεγάλων ἔργων εἰς τήν νῆσον. Ἐπίσης ἐπεσκέφθη τά ἐκτελούμενα ἔργα καί συνεζήτησε μετά τῶν τοπικῶν ἀρχῶν.
Ο κ. ΘΑΝΤ ΕΞΕΘΕΣΕΝ ΕΙΣ ΤΟ ΣΥΜΒΟΥΛΙΟΝ ΑΣΦΑΛΕΙΑΣ ΤΑ ΠΟΡΙΣΜΑΤΑ ΤΗΣ ΕΠΙΤΡΟΠΗΣ ΕΡΕΥΝΗΣ ΠΕΡΙ ΤΩΝ ΕΚΤΕΛΕΣΕΩΝ ΕΙΣ ΤΟΝ ΑΓΙΟΝ ΔΟΜΙΝΙΚΟΝ
ΗΝΩΜ. ΕΘΝΗ, 11. (Ρώυτερ).— Ὁ γενικός γραμματεύς τοῦ ΟΗΕ κ. Θάντ ὑπέβαλεν εἰς τό Συμβούλιον Ἀσφαλείας τήν ἔκθεσιν τῆς ἐπιτροπῆς ἐρεύνης περί τῶν ἐκτελέσεων αἱ ὁποῖαι ἐσημειώθησαν εἰς τόν Ἅγιον Δομίνικον. Ἡ ἔκθεσις ἀναφέρει ὅτι ἐξετελέσθησαν πολλά πρόσωπα.
ΗΝΩΜ. ΕΘΝΗ, 11. (Ρώυτερ).— Ὁ γενικός γραμματεύς τοῦ ΟΗΕ κ. Θάντ ὑπέβαλεν εἰς τό Συμβούλιον Ἀσφαλείας τήν ἔκθεσιν τῆς ἐπιτροπῆς ἐρεύνης περί τῶν ἐκτελέσεων αἱ ὁποῖαι ἐσημειώθησαν εἰς τόν Ἅγιον Δομίνικον. Ἡ ἔκθεσις ἀναφέρει ὅτι ἐξετελέσθησαν πολλά πρόσωπα.
ΑΜΕΡΙΚΑΝΙΚΗ ΔΙΑΜΑΡΤΥΡΙΑ
ΛΟΝΔΙΝΟΝ, 11. (Ρώυτερ).— Ἡ Λαϊκή Κίνα δέν θά μετάσχῃ τῆς παγκοσμίου διασκέψεως ἐπί τοῦ ἀφοπλισμοῦ ἐάν δέν καταστῇ προηγουμένως μέλος τῶν Ἡνωμένων Ἐθνῶν, ἀνέφερε τό πρακτορεῖον τῶν Τιράνων.
Η ΚΙΝΑ ΔΕΝ ΘΑ ΜΕΤΑΣΧΗ, ΛΕΓΟΥΝ ΤΑ ΤΙΡΑΝΑ ΤΗΣ ΔΙΑΣΚΕΨΕΩΣ ΕΠΙ ΤΟΥ ΑΦΟΠΛΙΣΜΟΥ ΑΝ ΔΕΝ ΚΑΤΑΣΤΗ ΜΕΛΟΣ ΤΩΝ ΗΝΩΜ. ΕΘΝΩΝ
ΑΣΥΝΑΠΤΟΙ ΕΙΣΕΤΙ ΟΙ ΔΙΑΡΡΗΞΑΝΤΕΣ ΤΟ ΑΥΤΟΚΙΝΗΤΟΝ ΤΟΥ ΠΡΟΞΕΝΕΙΟΥ
ΘΕΣΣΑΛΟΝΙΚΗ, 11.— Χθές τό ἀπόγευμα εἰς τήν ὁδόν Λαγκαδᾶ ἐσημειώθη σύγκρουσις αὐτοκινήτου μετά μοτοσυκλέτας, ἕνεκα τῆς ὁποίας ἐτραυματίσθησαν ἐλαφρῶς δύο ἄτομα. Ἐπίσης εἰς τήν ἐθνικήν ὁδόν ἐσημειώθησαν καί ἄλλα ἀτυχήματα.
ΔΕΝ ΔΙΩΚΟΝΤΑΙ ΟΙ ΕΒΡΑΙΟΙ ΕΙΣ ΤΗΝ ΡΩΣΣΙΑΝ
ΛΟΝΔΙΝΟΝ, 11. (Ρώυτερ).— Ἡ Λαϊκή Κίνα δέν θά μετάσχῃ τῆς παγκοσμίου διασκέψεως ἐπί τοῦ ἀφοπλισμοῦ ἐάν δέν καταστῇ προηγουμένως μέλος τῶν Ἡνωμένων Ἐθνῶν, ἀνέφερε τό πρακτορεῖον τῶν Τιράνων.
Ο κ. ΚΟΣΥΓΚΙΝ ΠΡΟΣΚΛΗΘΗ ΕΙΣ ΟΣΛΟ
ΑΘΗΝΑΙ, 11.— Ὁ πρεσβευτής τῆς Γαλλίας ἐπεσκέφθη χθές τόν ὑπουργόν τῶν Ἐξωτερικῶν. — Ἀνεχώρησε διά τό ἐξωτερικόν ὁ ὑφυπουργός. — Συνῆλθε τό διοικητικόν συμβούλιον τοῦ ΟΣΕ.
ΛΟΝΔΙΝΟΝ, 11. (Ρώυτερ).— Ἡ Λαϊκή Κίνα δέν θά μετάσχῃ τῆς παγκοσμίου διασκέψεως ἐπί τοῦ ἀφοπλισμοῦ ἐάν δέν καταστῇ προηγουμένως μέλος τῶν Ἡνωμένων Ἐθνῶν, ἀνέφερε τό πρακτορεῖον τῶν Τιράνων.
ΗΝΩΜ. ΕΘΝΗ, 11. (Ρώυτερ).— Ὁ γενικός γραμματεύς τοῦ ΟΗΕ κ. Θάντ ὑπέβαλεν εἰς τό Συμβούλιον Ἀσφαλείας τήν ἔκθεσιν τῆς ἐπιτροπῆς ἐρεύνης περί τῶν ἐκτελέσεων αἱ ὁποῖαι ἐσημειώθησαν εἰς τόν Ἅγιον Δομίνικον. Ἡ ἔκθεσις ἀναφέρει ὅτι ἐξετελέσθησαν πολλά πρόσωπα.
ΛΟΝΔΙΝΟΝ, 11. (Ρώυτερ).— Ἡ Λαϊκή Κίνα δέν θά μετάσχῃ τῆς παγκοσμίου διασκέψεως ἐπί τοῦ ἀφοπλισμοῦ ἐάν δέν καταστῇ προηγουμένως μέλος τῶν Ἡνωμένων Ἐθνῶν, ἀνέφερε τό πρακτορεῖον τῶν Τιράνων.
ΕΚΠΡΟΣΩΠΟΙ ΓΕΡΜΑΝΙΚΩΝ ΠΟΛΙΤΕΙΩΝ ΕΜΑΤΑΙΩΣΑΝ ΚΑΤΑΒΟΛΗΝ ΑΠΟΖΗΜΙΩΣΕΩΝ ΕΙΣ ΘΥΜΑΤΑ ΤΟΥ ΝΑΖΙΣΜΟΥ
ΕΚΡΗΞΙΣ ΚΑΙ ΠΥΡΚΑΪΑ ΕΠΙ ΦΟΡΤΗΓΟΥ ΣΚΑΦΟΥΣ
ΘΕΣΣΑΛΟΝΙΚΗ, 11.— Χθές τό ἀπόγευμα εἰς τήν ὁδόν Λαγκαδᾶ ἐσημειώθη σύγκρουσις αὐτοκινήτου μετά μοτοσυκλέτας, ἕνεκα τῆς ὁποίας ἐτραυματίσθησαν ἐλαφρῶς δύο ἄτομα. Ἐπίσης εἰς τήν ἐθνικήν ὁδόν ἐσημειώθησαν καί ἄλλα ἀτυχήματα.
ΜΙΚΡΑΙ ΕΙΔΗΣΕΙΣ ΕΞ ΑΘΗΝΩΝ
ΑΘΗΝΑΙ, 11.— Ὁ πρεσβευτής τῆς Γαλλίας ἐπεσκέφθη χθές τόν ὑπουργόν τῶν Ἐξωτερικῶν. — Ἀνεχώρησε διά τό ἐξωτερικόν ὁ ὑφυπουργός. — Συνῆλθε τό διοικητικόν συμβούλιον τοῦ ΟΣΕ.
ΒΟΝΝΗ, 11. (Ρώυτερ).— Ἐκπρόσωποι τῶν γερμανικῶν πολιτειῶν ἐματαίωσαν τήν καταβολήν ἀποζημιώσεων εἰς τά θύματα τοῦ ναζισμοῦ. Ἡ ἀπόφασις προεκάλεσε ζωηράς ἀντιδράσεις.
ΜΙΚΡΑΙ ΕΞΩΤΕΡΙΚΑΙ ΕΙΔΗΣΕΙΣ
— Ὁ ΠΡΟΕΔΡΟΣ τῶν Ἡνωμένων Πολιτειῶν θά ἐπισκεφθῇ τήν Εὐρώπην κατά τό προσεχές φθινόπωρον. — Ἡ ΙΝΔΙΑ διεμαρτυρήθη διά τήν παραβίασιν τῶν συνόρων. — ΔΕΚΑ ΠΕΝΤΕ ἄτομα ἐφονεύθησαν ἐκ σεισμοῦ.
— Ὁ ΠΡΟΕΔΡΟΣ τῶν Ἡνωμένων Πολιτειῶν θά ἐπισκεφθῇ τήν Εὐρώπην κατά τό προσεχές φθινόπωρον. — Ἡ ΙΝΔΙΑ διεμαρτυρήθη διά τήν παραβίασιν τῶν συνόρων. — ΔΕΚΑ ΠΕΝΤΕ ἄτομα ἐφονεύθησαν ἐκ σεισμοῦ.
ΣΥΝΕΧΕΙΑ Εις την επόμενη σελίδα
